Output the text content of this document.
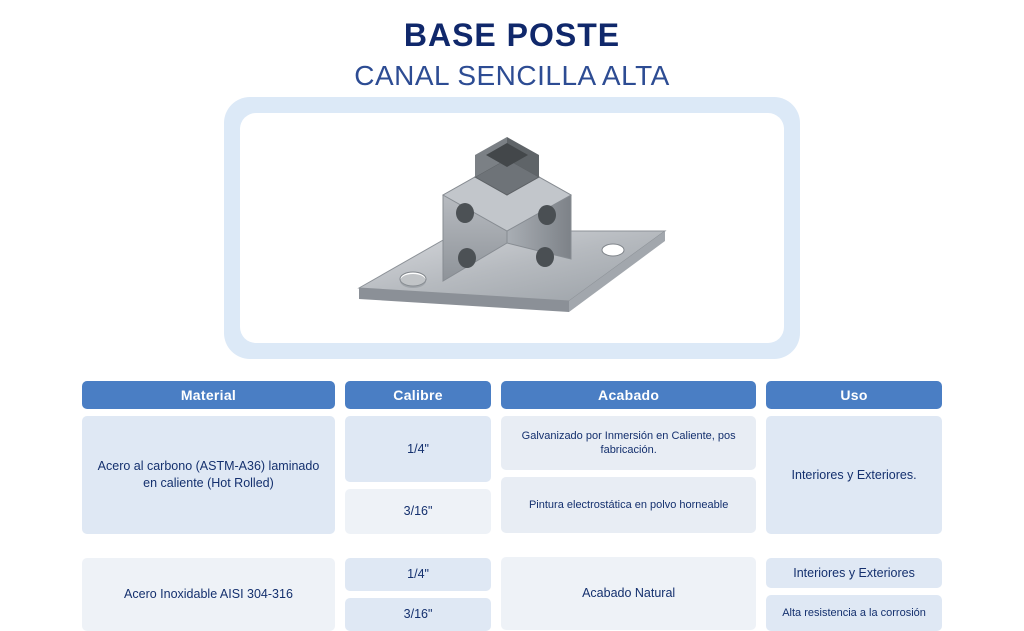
BASE POSTE
CANAL SENCILLA ALTA
Material
Acero al carbono (ASTM-A36) laminado en caliente (Hot Rolled)
Acero Inoxidable AISI 304-316
Calibre
1/4"
3/16"
1/4"
3/16"
Acabado
Galvanizado por Inmersión en Caliente, pos fabricación.
Pintura electrostática en polvo horneable
Acabado Natural
Uso
Interiores y Exteriores.
Interiores y Exteriores
Alta resistencia a la corrosión
